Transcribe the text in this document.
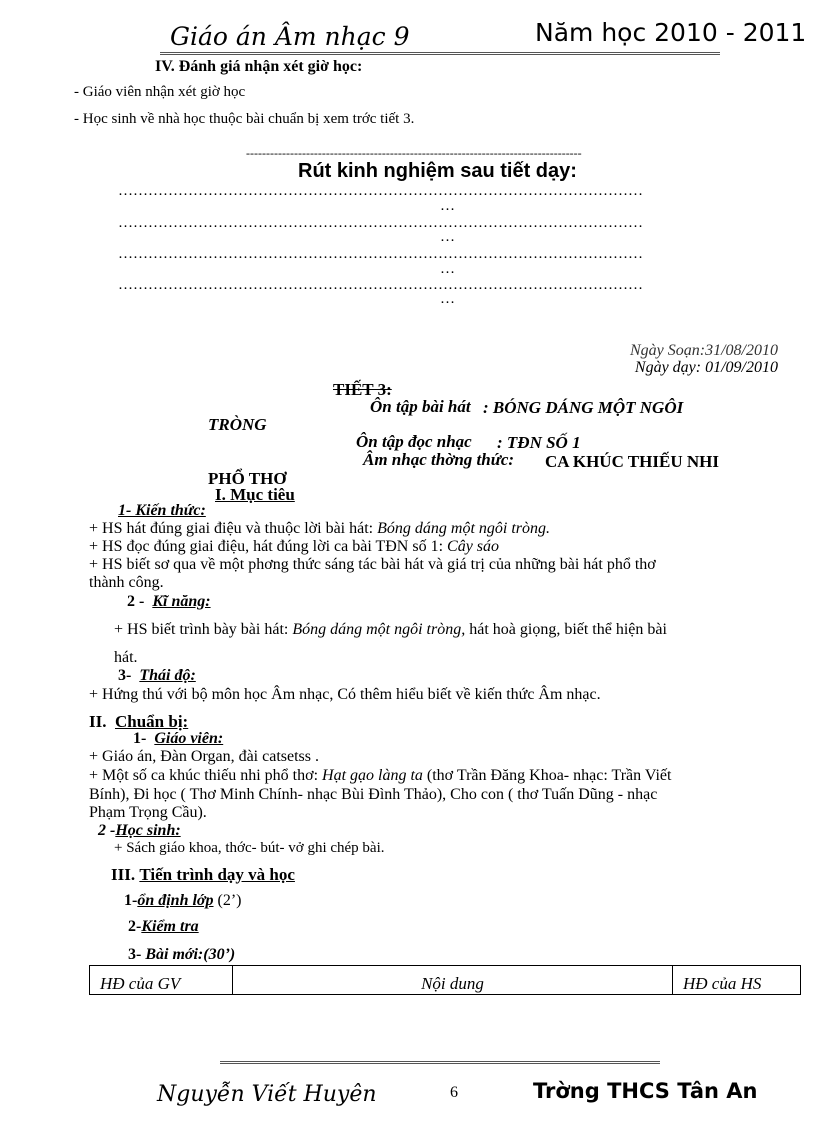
Giáo án Âm nhạc 9	Năm học 2010 - 2011
IV. Đánh giá nhận xét giờ học:
- Giáo viên nhận xét giờ học
- Học sinh về nhà học thuộc bài chuẩn bị xem trớc tiết 3.
------------------------------------------------------------------------------------
Rút kinh nghiệm sau tiết dạy:
……………………………………………………………………………………………
…
……………………………………………………………………………………………
…
……………………………………………………………………………………………
…
……………………………………………………………………………………………
…
Ngày Soạn:31/08/2010
Ngày dạy: 01/09/2010
TIẾT 3:
Ôn tập bài hát : BÓNG DÁNG MỘT NGÔI
TRÒNG
Ôn tập đọc nhạc : TĐN SỐ 1
Âm nhạc thờng thức: CA KHÚC THIẾU NHI
PHỔ THƠ
I. Mục tiêu
1- Kiến thức:
+ HS hát đúng giai điệu và thuộc lời bài hát: Bóng dáng một ngôi tròng.
+ HS đọc đúng giai điệu, hát đúng lời ca bài TĐN số 1: Cây sáo
+ HS biết sơ qua về một phơng thức sáng tác bài hát và giá trị của những bài hát phổ thơ
thành công.
2 - Kĩ năng:
+ HS biết trình bày bài hát: Bóng dáng một ngôi tròng, hát hoà giọng, biết thể hiện bài
hát.
3- Thái độ:
+ Hứng thú với bộ môn học Âm nhạc, Có thêm hiểu biết về kiến thức Âm nhạc.
II. Chuẩn bị:
1- Giáo viên:
+ Giáo án, Đàn Organ, đài catsetss .
+ Một số ca khúc thiếu nhi phổ thơ: Hạt gạo làng ta (thơ Trần Đăng Khoa- nhạc: Trần Viết
Bính), Đi học ( Thơ Minh Chính- nhạc Bùi Đình Thảo), Cho con ( thơ Tuấn Dũng - nhạc
Phạm Trọng Cầu).
2 -Học sinh:
+ Sách giáo khoa, thớc- bút- vở ghi chép bài.
III. Tiến trình dạy và học
1-ổn định lớp (2’)
2-Kiểm tra
3- Bài mới:(30’)
HĐ của GV	Nội dung	HĐ của HS
Nguyễn Viết Huyên	6	Trờng THCS Tân An
